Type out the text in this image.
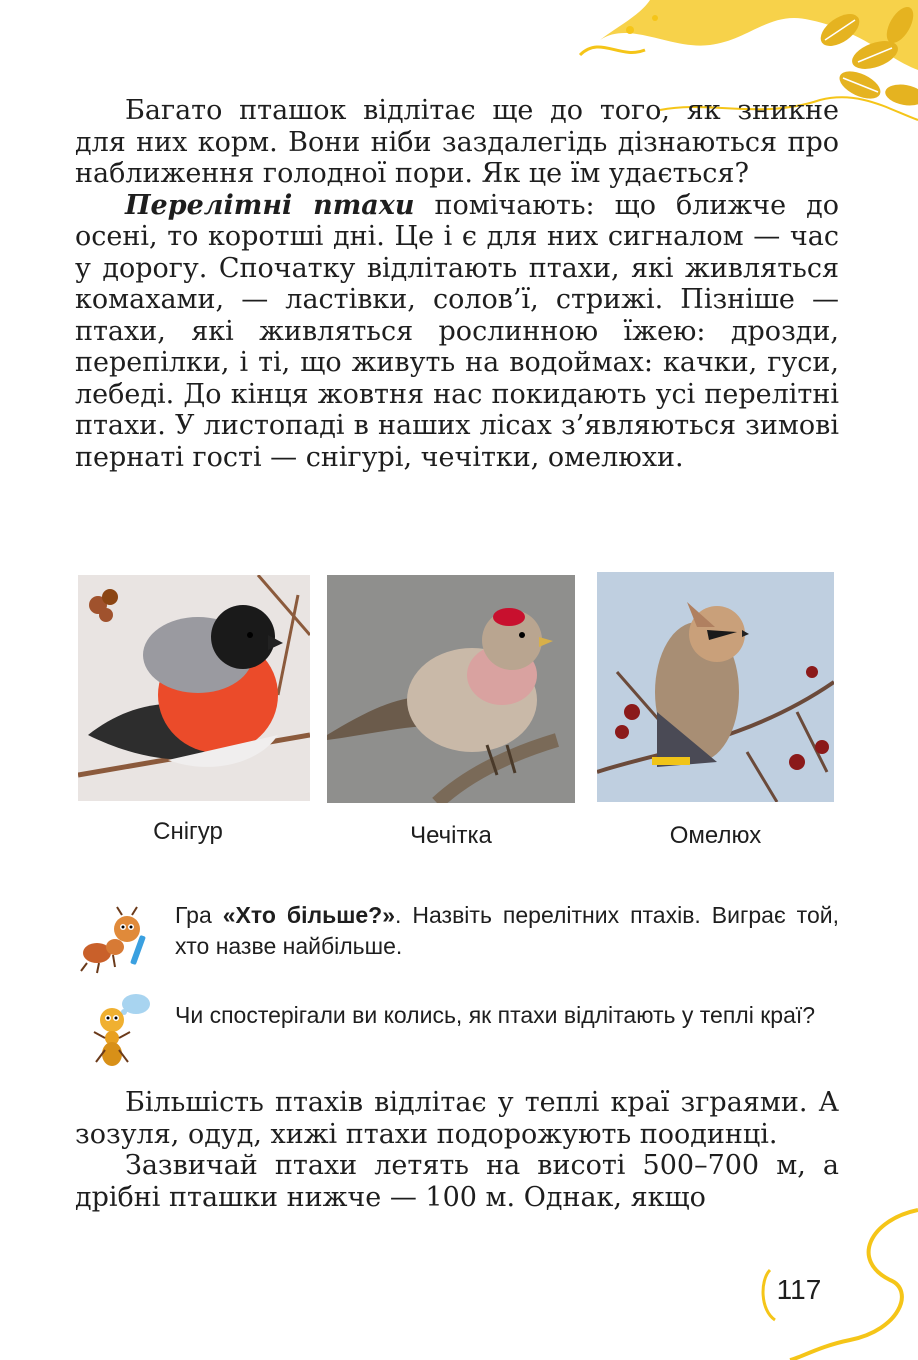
Багато пташок відлітає ще до того, як зникне для них корм. Вони ніби заздалегідь дізнаються про наближення голодної пори. Як це їм удається?

Перелітні птахи помічають: що ближче до осені, то коротші дні. Це і є для них сигналом — час у дорогу. Спочатку відлітають птахи, які живляться комахами, — ластівки, солов’ї, стрижі. Пізніше — птахи, які живляться рослинною їжею: дрозди, перепілки, і ті, що живуть на водоймах: качки, гуси, лебеді. До кінця жовтня нас покидають усі перелітні птахи. У листопаді в наших лісах з’являються зимові пернаті гості — снігурі, чечітки, омелюхи.

Снігур	Чечітка	Омелюх
Гра «Хто більше?». Назвіть перелітних птахів. Виграє той, хто назве найбільше.
Чи спостерігали ви колись, як птахи відлітають у теплі краї?

Більшість птахів відлітає у теплі краї зграями. А зозуля, одуд, хижі птахи подорожують поодинці.

Зазвичай птахи летять на висоті 500–700 м, а дрібні пташки нижче — 100 м. Однак, якщо

117
